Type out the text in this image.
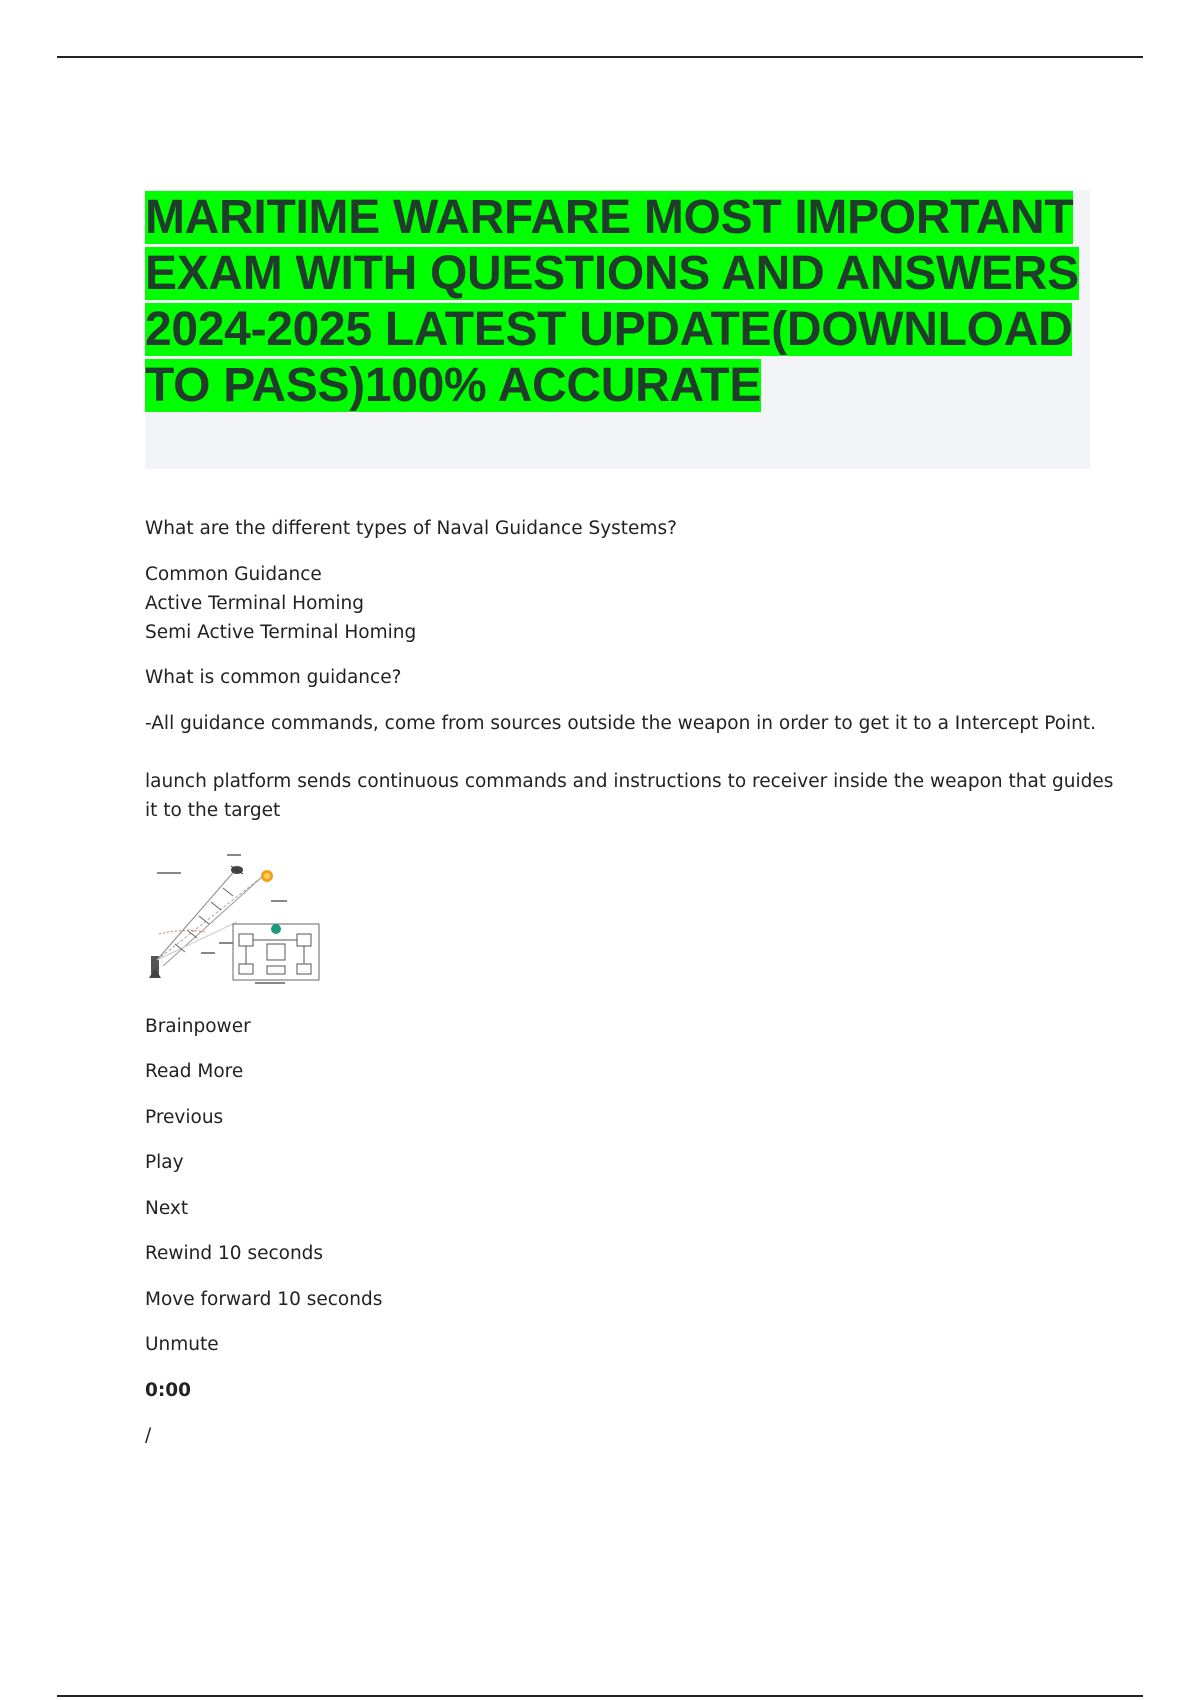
MARITIME WARFARE MOST IMPORTANT EXAM WITH QUESTIONS AND ANSWERS 2024-2025 LATEST UPDATE(DOWNLOAD TO PASS)100% ACCURATE

What are the different types of Naval Guidance Systems?

Common Guidance

Active Terminal Homing

Semi Active Terminal Homing

What is common guidance?

-All guidance commands, come from sources outside the weapon in order to get it to a Intercept Point.

launch platform sends continuous commands and instructions to receiver inside the weapon that guides

it to the target

Brainpower

Read More

Previous

Play

Next

Rewind 10 seconds

Move forward 10 seconds

Unmute

0:00

/
